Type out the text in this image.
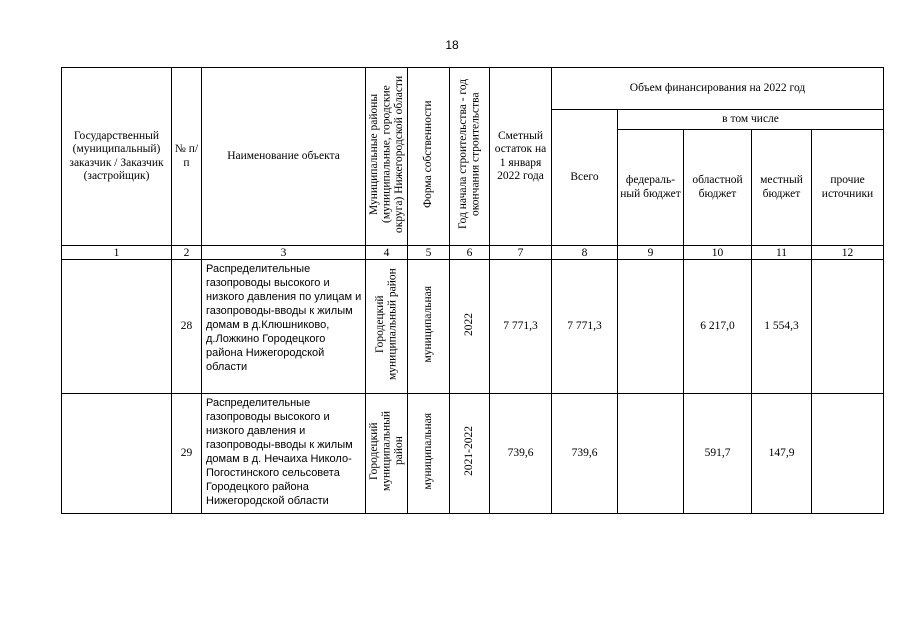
18
Государственный (муниципальный) заказчик / Заказчик (застройщик)	№ п/п	Наименование объекта	Муниципальные районы (муниципальные, городские округа) Нижегородской области	Форма собственности	Год начала строительства - год окончания строительства	Сметный остаток на 1 января 2022 года	Объем финансирования на 2022 год				
							Всего	в том числе			
								федераль-ный бюджет	областной бюджет	местный бюджет	прочие источники
1	2	3	4	5	6	7	8	9	10	11	12
	28	Распределительные газопроводы высокого и низкого давления по улицам и газопроводы-вводы к жилым домам в д.Клюшниково, д.Ложкино Городецкого района Нижегородской области	Городецкий муниципальный район	муниципальная	2022	7 771,3	7 771,3		6 217,0	1 554,3	
	29	Распределительные газопроводы высокого и низкого давления и газопроводы-вводы к жилым домам в д. Нечаиха Николо-Погостинского сельсовета Городецкого района Нижегородской области	Городецкий муниципальный район	муниципальная	2021-2022	739,6	739,6		591,7	147,9	
